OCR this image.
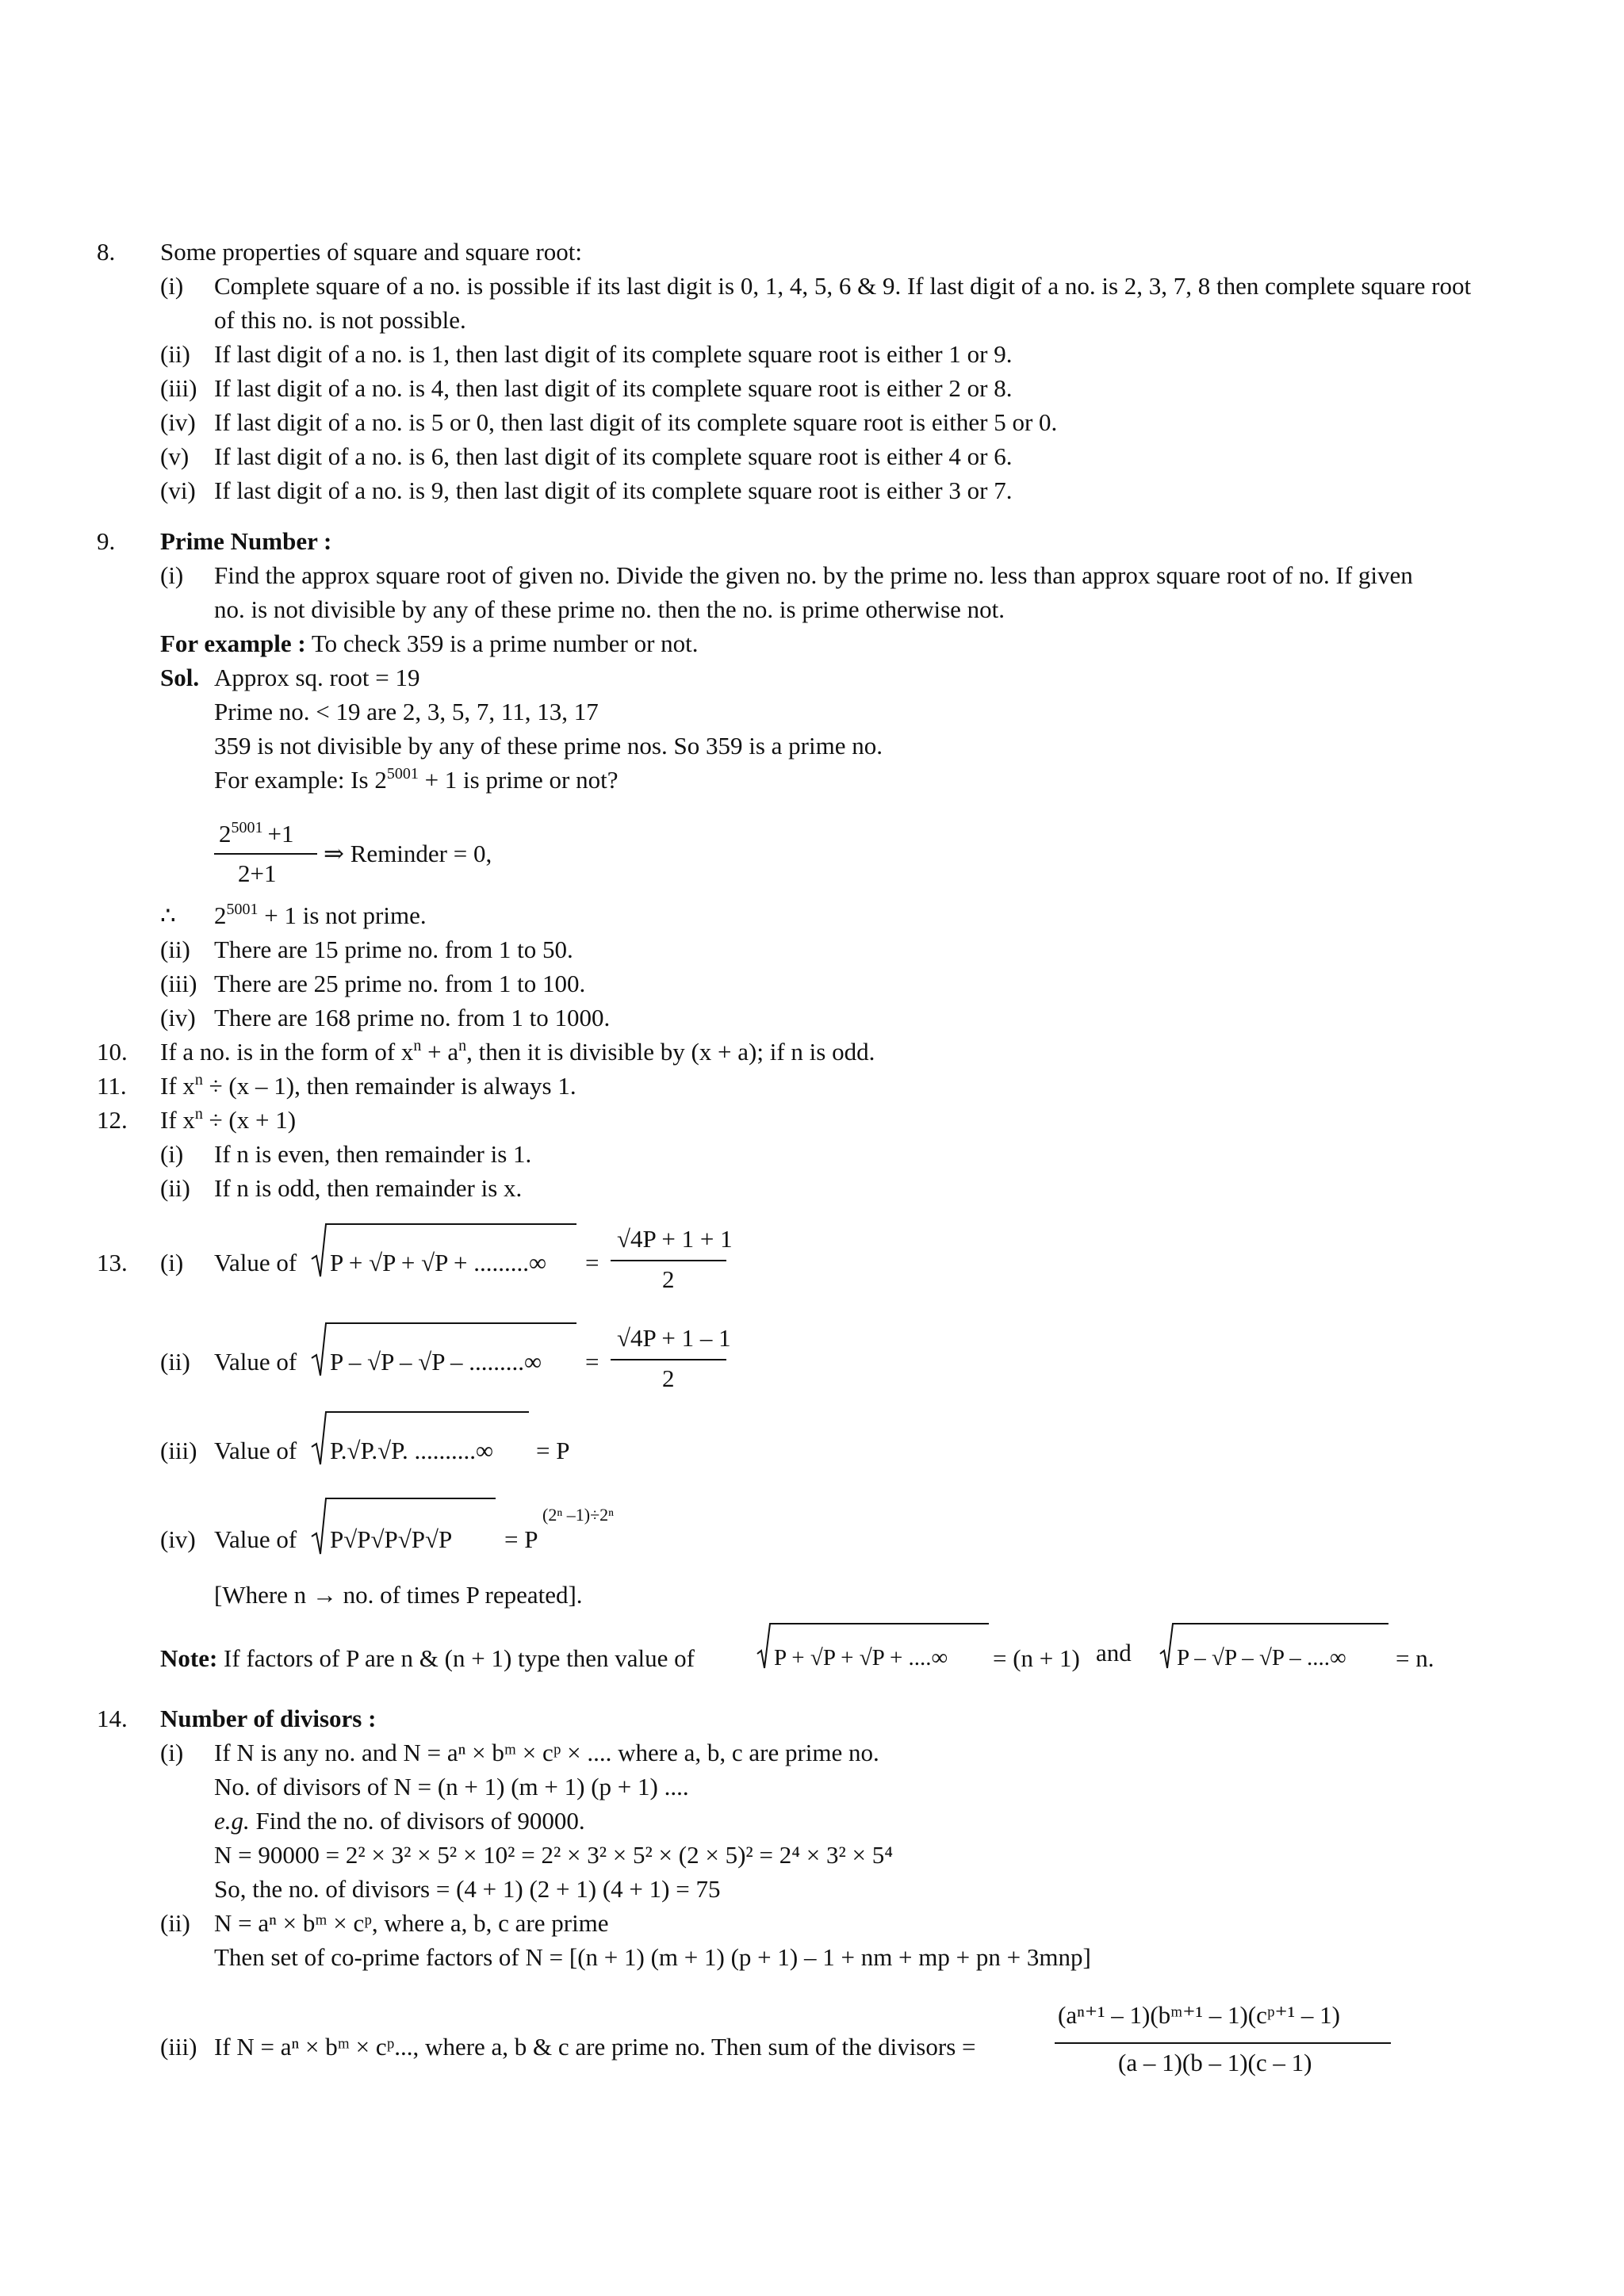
8. Some properties of square and square root:
(i) Complete square of a no. is possible if its last digit is 0, 1, 4, 5, 6 & 9. If last digit of a no. is 2, 3, 7, 8 then complete square root
of this no. is not possible.
(ii) If last digit of a no. is 1, then last digit of its complete square root is either 1 or 9.
(iii) If last digit of a no. is 4, then last digit of its complete square root is either 2 or 8.
(iv) If last digit of a no. is 5 or 0, then last digit of its complete square root is either 5 or 0.
(v) If last digit of a no. is 6, then last digit of its complete square root is either 4 or 6.
(vi) If last digit of a no. is 9, then last digit of its complete square root is either 3 or 7.
9. Prime Number :
(i) Find the approx square root of given no. Divide the given no. by the prime no. less than approx square root of no. If given
no. is not divisible by any of these prime no. then the no. is prime otherwise not.
For example : To check 359 is a prime number or not.
Sol. Approx sq. root = 19
Prime no. < 19 are 2, 3, 5, 7, 11, 13, 17
359 is not divisible by any of these prime nos. So 359 is a prime no.
For example: Is $2^{5001} + 1$ is prime or not?
$2^{5001} +1$
2+1
⇒ Reminder = 0,
∴ $2^{5001} + 1$ is not prime.
(ii) There are 15 prime no. from 1 to 50.
(iii) There are 25 prime no. from 1 to 100.
(iv) There are 168 prime no. from 1 to 1000.
10. If a no. is in the form of $x^n + a^n$, then it is divisible by (x + a); if n is odd.
11. If $x^n \div (x - 1)$, then remainder is always 1.
12. If $x^n \div (x + 1)$
(i) If n is even, then remainder is 1.
(ii) If n is odd, then remainder is x.
13. (i) Value of P + √P + √P + .........∞ =
√4P + 1 + 1
2
(ii) Value of P – √P – √P – .........∞ =
√4P + 1 – 1
2
(iii) Value of P.√P.√P. ..........∞ = P
(iv) Value of P√P√P√P√P = P
(2ⁿ –1)÷2ⁿ
[Where n → no. of times P repeated].
Note: If factors of P are n & (n + 1) type then value of	P + √P + √P + ....∞ = (n + 1) and P – √P – √P – ....∞ = n.
14. Number of divisors :
(i) If N is any no. and N = aⁿ × bᵐ × cᵖ × .... where a, b, c are prime no.
No. of divisors of N = (n + 1) (m + 1) (p + 1) ....
e.g. Find the no. of divisors of 90000.
N = 90000 = 2² × 3² × 5² × 10² = 2² × 3² × 5² × (2 × 5)² = 2⁴ × 3² × 5⁴
So, the no. of divisors = (4 + 1) (2 + 1) (4 + 1) = 75
(ii) N = aⁿ × bᵐ × cᵖ, where a, b, c are prime
Then set of co-prime factors of N = [(n + 1) (m + 1) (p + 1) – 1 + nm + mp + pn + 3mnp]
(iii) If N = aⁿ × bᵐ × cᵖ..., where a, b & c are prime no. Then sum of the divisors =
(aⁿ⁺¹ – 1)(bᵐ⁺¹ – 1)(cᵖ⁺¹ – 1)
(a – 1)(b – 1)(c – 1)
